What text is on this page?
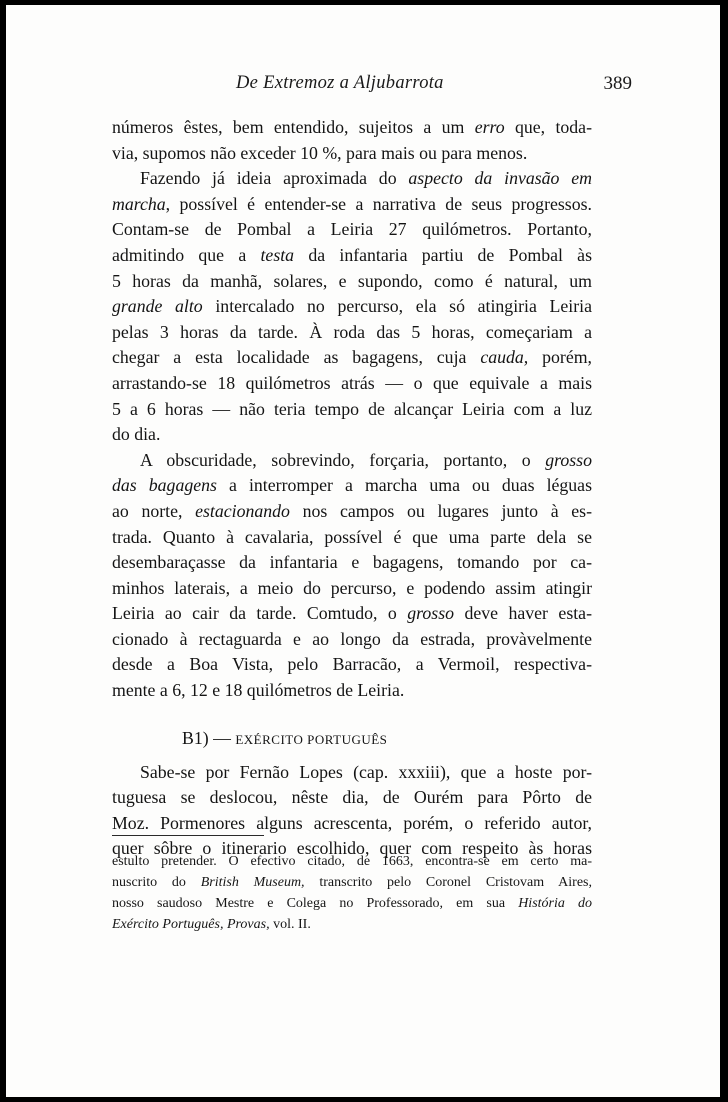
De Extremoz a Aljubarrota	389
números êstes, bem entendido, sujeitos a um erro que, toda-
via, supomos não exceder 10 %, para mais ou para menos.
Fazendo já ideia aproximada do aspecto da invasão em
marcha, possível é entender-se a narrativa de seus progressos.
Contam-se de Pombal a Leiria 27 quilómetros. Portanto,
admitindo que a testa da infantaria partiu de Pombal às
5 horas da manhã, solares, e supondo, como é natural, um
grande alto intercalado no percurso, ela só atingiria Leiria
pelas 3 horas da tarde. À roda das 5 horas, começariam a
chegar a esta localidade as bagagens, cuja cauda, porém,
arrastando-se 18 quilómetros atrás — o que equivale a mais
5 a 6 horas — não teria tempo de alcançar Leiria com a luz
do dia.
A obscuridade, sobrevindo, forçaria, portanto, o grosso
das bagagens a interromper a marcha uma ou duas léguas
ao norte, estacionando nos campos ou lugares junto à es-
trada. Quanto à cavalaria, possível é que uma parte dela se
desembaraçasse da infantaria e bagagens, tomando por ca-
minhos laterais, a meio do percurso, e podendo assim atingir
Leiria ao cair da tarde. Comtudo, o grosso deve haver esta-
cionado à rectaguarda e ao longo da estrada, provàvelmente
desde a Boa Vista, pelo Barracão, a Vermoil, respectiva-
mente a 6, 12 e 18 quilómetros de Leiria.
B1) — EXÉRCITO PORTUGUÊS
Sabe-se por Fernão Lopes (cap. xxxiii), que a hoste por-
tuguesa se deslocou, nêste dia, de Ourém para Pôrto de
Moz. Pormenores alguns acrescenta, porém, o referido autor,
quer sôbre o itinerario escolhido, quer com respeito às horas
estulto pretender. O efectivo citado, de 1663, encontra-se em certo ma-
nuscrito do British Museum, transcrito pelo Coronel Cristovam Aires,
nosso saudoso Mestre e Colega no Professorado, em sua História do
Exército Português, Provas, vol. II.
